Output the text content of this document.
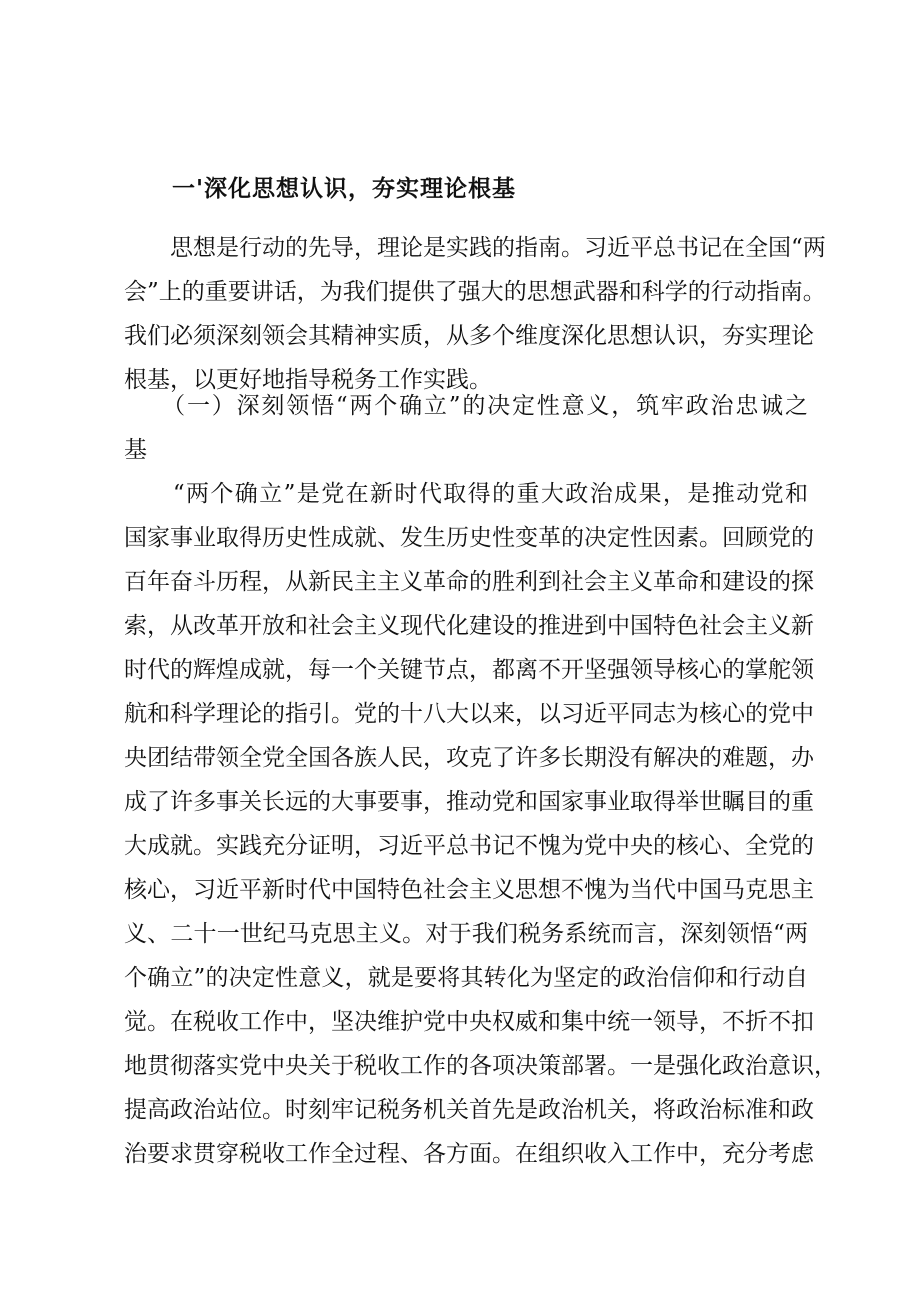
一'深化思想认识，夯实理论根基
　　思想是行动的先导，理论是实践的指南。习近平总书记在全国“两
会”上的重要讲话，为我们提供了强大的思想武器和科学的行动指南。
我们必须深刻领会其精神实质，从多个维度深化思想认识，夯实理论
根基，以更好地指导税务工作实践。
　　（一）深刻领悟“两个确立”的决定性意义，筑牢政治忠诚之
基
　　“两个确立”是党在新时代取得的重大政治成果，是推动党和
国家事业取得历史性成就、发生历史性变革的决定性因素。回顾党的
百年奋斗历程，从新民主主义革命的胜利到社会主义革命和建设的探
索，从改革开放和社会主义现代化建设的推进到中国特色社会主义新
时代的辉煌成就，每一个关键节点，都离不开坚强领导核心的掌舵领
航和科学理论的指引。党的十八大以来，以习近平同志为核心的党中
央团结带领全党全国各族人民，攻克了许多长期没有解决的难题，办
成了许多事关长远的大事要事，推动党和国家事业取得举世瞩目的重
大成就。实践充分证明，习近平总书记不愧为党中央的核心、全党的
核心，习近平新时代中国特色社会主义思想不愧为当代中国马克思主
义、二十一世纪马克思主义。对于我们税务系统而言，深刻领悟“两
个确立”的决定性意义，就是要将其转化为坚定的政治信仰和行动自
觉。在税收工作中，坚决维护党中央权威和集中统一领导，不折不扣
地贯彻落实党中央关于税收工作的各项决策部署。一是强化政治意识，
提高政治站位。时刻牢记税务机关首先是政治机关，将政治标准和政
治要求贯穿税收工作全过程、各方面。在组织收入工作中，充分考虑
